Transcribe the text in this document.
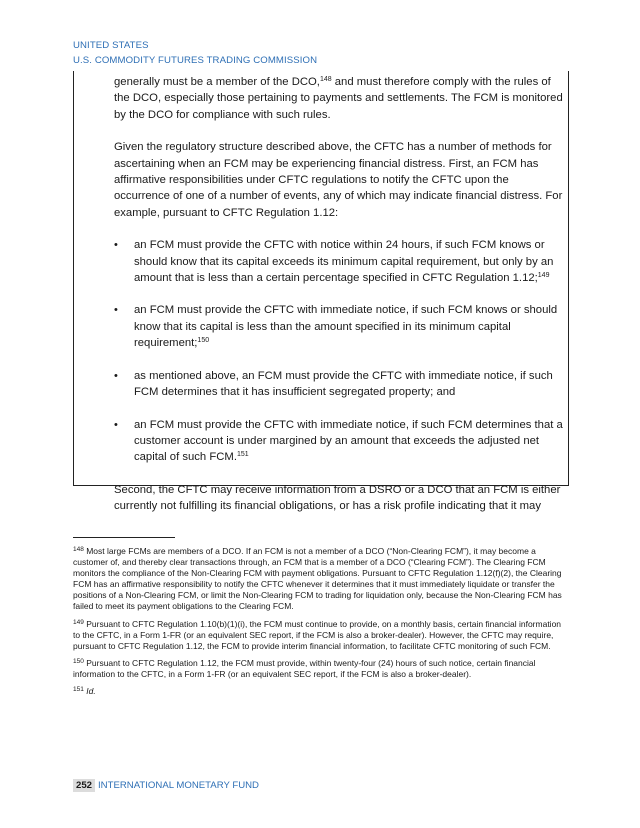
UNITED STATES
U.S. COMMODITY FUTURES TRADING COMMISSION

generally must be a member of the DCO,$^{148}$ and must therefore comply with the rules of the DCO, especially those pertaining to payments and settlements. The FCM is monitored by the DCO for compliance with such rules.

Given the regulatory structure described above, the CFTC has a number of methods for ascertaining when an FCM may be experiencing financial distress. First, an FCM has affirmative responsibilities under CFTC regulations to notify the CFTC upon the occurrence of one of a number of events, any of which may indicate financial distress. For example, pursuant to CFTC Regulation 1.12:

•	an FCM must provide the CFTC with notice within 24 hours, if such FCM knows or should know that its capital exceeds its minimum capital requirement, but only by an amount that is less than a certain percentage specified in CFTC Regulation 1.12;$^{149}$

•	an FCM must provide the CFTC with immediate notice, if such FCM knows or should know that its capital is less than the amount specified in its minimum capital requirement;$^{150}$

•	as mentioned above, an FCM must provide the CFTC with immediate notice, if such FCM determines that it has insufficient segregated property; and

•	an FCM must provide the CFTC with immediate notice, if such FCM determines that a customer account is under margined by an amount that exceeds the adjusted net capital of such FCM.$^{151}$

Second, the CFTC may receive information from a DSRO or a DCO that an FCM is either currently not fulfilling its financial obligations, or has a risk profile indicating that it may

$^{148}$ Most large FCMs are members of a DCO. If an FCM is not a member of a DCO (“Non-Clearing FCM”), it may become a customer of, and thereby clear transactions through, an FCM that is a member of a DCO (“Clearing FCM”). The Clearing FCM monitors the compliance of the Non-Clearing FCM with payment obligations. Pursuant to CFTC Regulation 1.12(f)(2), the Clearing FCM has an affirmative responsibility to notify the CFTC whenever it determines that it must immediately liquidate or transfer the positions of a Non-Clearing FCM, or limit the Non-Clearing FCM to trading for liquidation only, because the Non-Clearing FCM has failed to meet its payment obligations to the Clearing FCM.

$^{149}$ Pursuant to CFTC Regulation 1.10(b)(1)(i), the FCM must continue to provide, on a monthly basis, certain financial information to the CFTC, in a Form 1-FR (or an equivalent SEC report, if the FCM is also a broker-dealer). However, the CFTC may require, pursuant to CFTC Regulation 1.12, the FCM to provide interim financial information, to facilitate CFTC monitoring of such FCM.

$^{150}$ Pursuant to CFTC Regulation 1.12, the FCM must provide, within twenty-four (24) hours of such notice, certain financial information to the CFTC, in a Form 1-FR (or an equivalent SEC report, if the FCM is also a broker-dealer).

$^{151}$ Id.

252 INTERNATIONAL MONETARY FUND
